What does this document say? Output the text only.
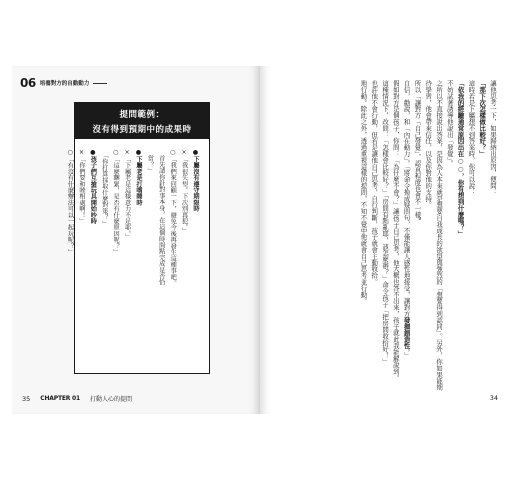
06 培養對方的自動動力
提問範例：
沒有得到預期中的成果時
●下屬沒有遵守期限時
×「我很失望。下次別再犯。」
○「我們來回顧一下，避免今後再發生這種事吧。
　首先請你針對事本身，在這個時間點完成是否恰
　當？」
●下屬老是打嗜睡時
×「下屬老是這樣意力不足耶。」
○「這麼睏緊，是否有什麼原因呢？」
　「你打算採取什麼對策？」
●孩子們互搶玩具開始吵時
×「你們要和睦相處啊！」
○「有沒有什麼辦法可以一起玩呢？」
35 CHAPTER 01 打動人心的提問
讓他思考一下，如果歸納出原因，便問：
「那下次怎樣做比較好？」
這時若是下屬想不到答案時，你可以說：
「依我的經驗通常原因出在○○，你有想到什麼嗎？」
不妨試著誘導他說出「發覺」。
之所以不直接說出答案，是因為人本來就是想要自我成長的欲望與強烈的「想要得到認同」。另外，你如果能期待學習，他會帶來信任，以及你對他的支持。
所以「讓對方「自己發覺」，認真程度也會不一樣。
自信，勸說，和「內在動力」。「將命令換成疑問句，不僅能讓人感性地接受，讓對方發揮創造性。」
假如對方是個孩子，你問：「為什麼不會？」讓孩子自己思考，他大概也答不出來，孩子就此我能解說到。
這種情況下，改問：「怎樣會比較好？」「房間有點亂耶，該怎麼辦？」命令孩子「把房間收拾好！」
也許他不會行動，但若是讓他自己思考，自行判斷，孩子就會主動收拾。
地行動。除此之外，透過重視這樣的提問，不知不覺中他就會自己思考並行動。
34
